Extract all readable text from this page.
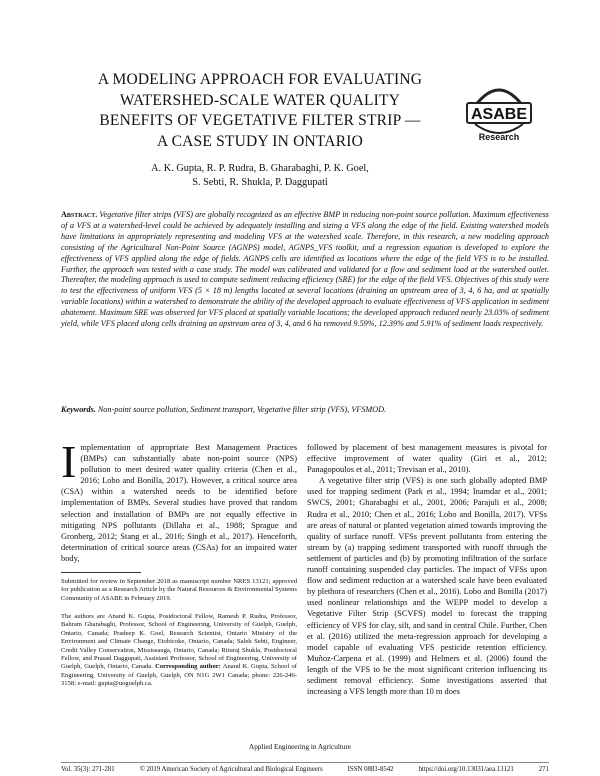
A MODELING APPROACH FOR EVALUATING
WATERSHED-SCALE WATER QUALITY
BENEFITS OF VEGETATIVE FILTER STRIP —
A CASE STUDY IN ONTARIO
ASABE
Research
A. K. Gupta, R. P. Rudra, B. Gharabaghi, P. K. Goel,
S. Sebti, R. Shukla, P. Daggupati
Abstract. Vegetative filter strips (VFS) are globally recognized as an effective BMP in reducing non-point source pollution. Maximum effectiveness of a VFS at a watershed-level could be achieved by adequately installing and sizing a VFS along the edge of the field. Existing watershed models have limitations in appropriately representing and modeling VFS at the watershed scale. Therefore, in this research, a new modeling approach consisting of the Agricultural Non-Point Source (AGNPS) model, AGNPS_VFS toolkit, and a regression equation is developed to explore the effectiveness of VFS applied along the edge of fields. AGNPS cells are identified as locations where the edge of the field VFS is to be installed. Further, the approach was tested with a case study. The model was calibrated and validated for a flow and sediment load at the watershed outlet. Thereafter, the modeling approach is used to compute sediment reducing efficiency (SRE) for the edge of the field VFS. Objectives of this study were to test the effectiveness of uniform VFS (5 × 18 m) lengths located at several locations (draining an upstream area of 3, 4, 6 ha, and at spatially variable locations) within a watershed to demonstrate the ability of the developed approach to evaluate effectiveness of VFS application in sediment abatement. Maximum SRE was observed for VFS placed at spatially variable locations; the developed approach reduced nearly 23.03% of sediment yield, while VFS placed along cells draining an upstream area of 3, 4, and 6 ha removed 9.59%, 12.39% and 5.91% of sediment loads respectively.
Keywords. Non-point source pollution, Sediment transport, Vegetative filter strip (VFS), VFSMOD.

I mplementation of appropriate Best Management Practices (BMPs) can substantially abate non-point source (NPS) pollution to meet desired water quality criteria (Chen et al., 2016; Lobo and Bonilla, 2017). However, a critical source area (CSA) within a watershed needs to be identified before implementation of BMPs. Several studies have proved that random selection and installation of BMPs are not equally effective in mitigating NPS pollutants (Dillaha et al., 1988; Sprague and Gronberg, 2012; Stang et al., 2016; Singh et al., 2017). Henceforth, determination of critical source areas (CSAs) for an impaired water body,

followed by placement of best management measures is pivotal for effective improvement of water quality (Giri et al., 2012; Panagopoulos et al., 2011; Trevisan et al., 2010).

A vegetative filter strip (VFS) is one such globally adopted BMP used for trapping sediment (Park et al., 1994; Inamdar et al., 2001; SWCS, 2001; Gharabaghi et al., 2001, 2006; Parajuli et al., 2008; Rudra et al., 2010; Chen et al., 2016; Lobo and Bonilla, 2017). VFSs are areas of natural or planted vegetation aimed towards improving the quality of surface runoff. VFSs prevent pollutants from entering the stream by (a) trapping sediment transported with runoff through the settlement of particles and (b) by promoting infiltration of the surface runoff containing suspended clay particles. The impact of VFSs upon flow and sediment reduction at a watershed scale have been evaluated by plethora of researchers (Chen et al., 2016). Lobo and Bonilla (2017) used nonlinear relationships and the WEPP model to develop a Vegetative Filter Strip (SCVFS) model to forecast the trapping efficiency of VFS for clay, silt, and sand in central Chile. Further, Chen et al. (2016) utilized the meta-regression approach for developing a model capable of evaluating VFS pesticide retention efficiency. Muñoz-Carpena et al. (1999) and Helmers et al. (2006) found the length of the VFS to be the most significant criterion influencing its sediment removal efficiency. Some investigations asserted that increasing a VFS length more than 10 m does

Submitted for review in September 2018 as manuscript number NRES 13121; approved for publication as a Research Article by the Natural Resources & Environmental Systems Community of ASABE in February 2019.
The authors are Anand K. Gupta, Postdoctoral Fellow, Ramesh P. Rudra, Professor, Bahram Gharabaghi, Professor, School of Engineering, University of Guelph, Guelph, Ontario, Canada; Pradeep K. Goel, Research Scientist, Ontario Ministry of the Environment and Climate Change, Etobicoke, Ontario, Canada; Saleh Sebti, Engineer, Credit Valley Conservation, Mississauga, Ontario, Canada; Rituraj Shukla, Postdoctoral Fellow, and Prasad Daggupati, Assistant Professor, School of Engineering, University of Guelph, Guelph, Ontario, Canada. Corresponding author: Anand K. Gupta, School of Engineering, University of Guelph, Guelph, ON N1G 2W1 Canada; phone: 226-246-3158; e-mail: gupta@uoguelph.ca.
Applied Engineering in Agriculture
Vol. 35(3): 271-281	© 2019 American Society of Agricultural and Biological Engineers	ISSN 0883-8542	https://doi.org/10.13031/aea.13121	271
